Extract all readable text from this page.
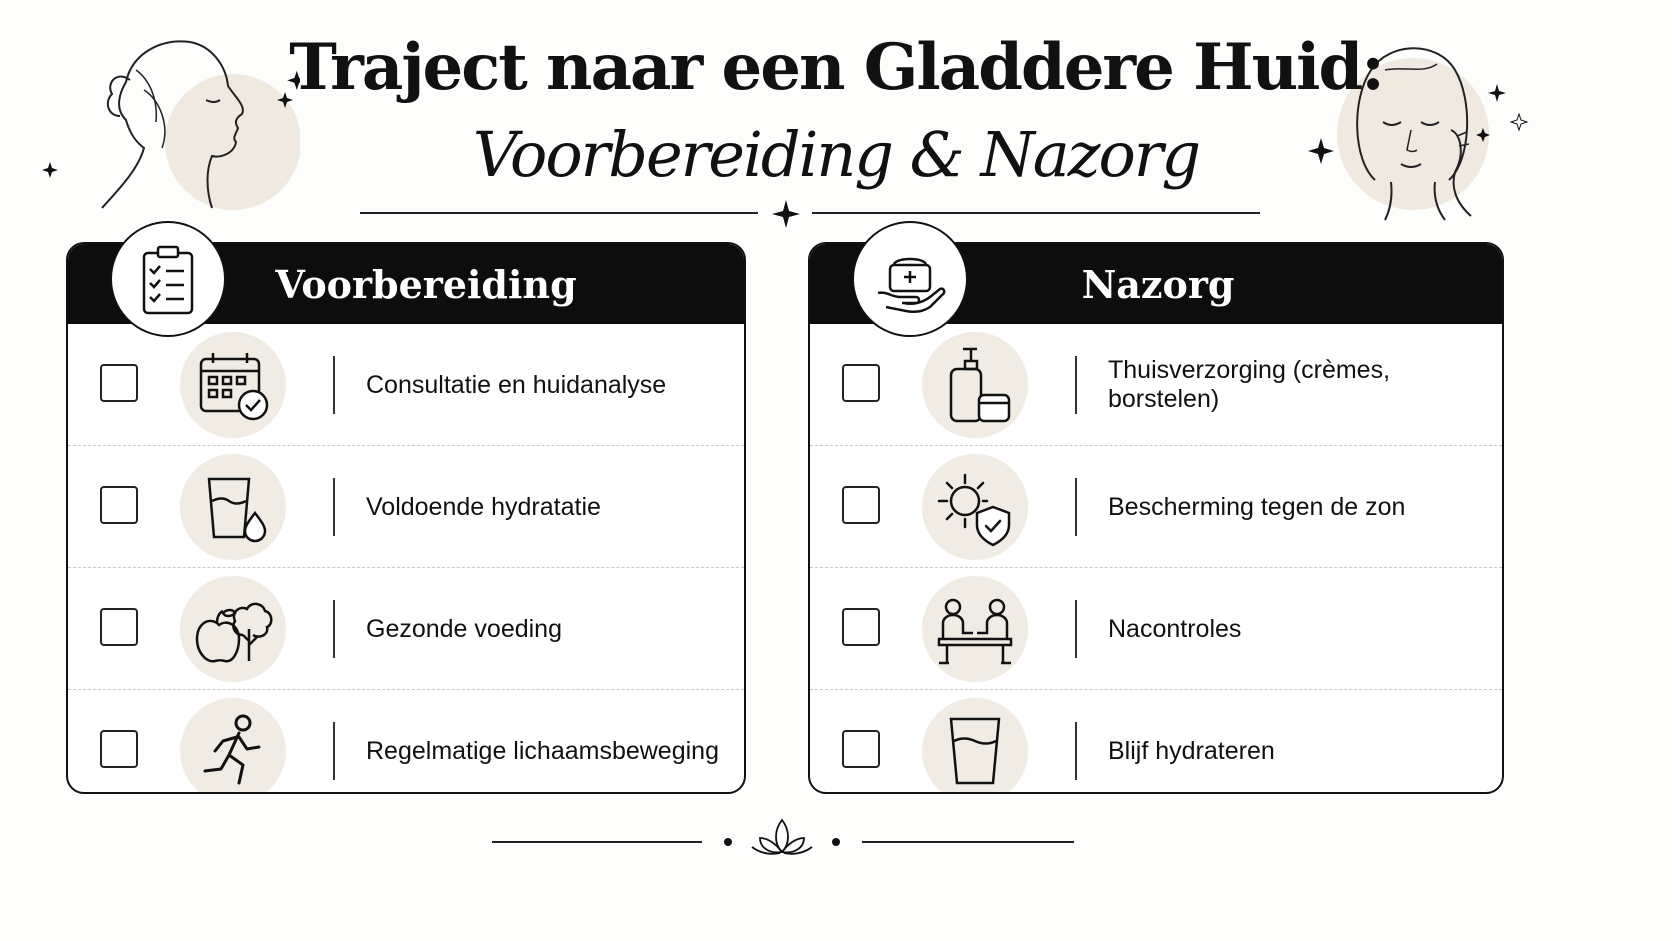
Traject naar een Gladdere Huid:
Voorbereiding & Nazorg
Voorbereiding
Consultatie en huidanalyse
Voldoende hydratatie
Gezonde voeding
Regelmatige lichaamsbeweging
Nazorg
Thuisverzorging (crèmes, borstelen)
Bescherming tegen de zon
Nacontroles
Blijf hydrateren
